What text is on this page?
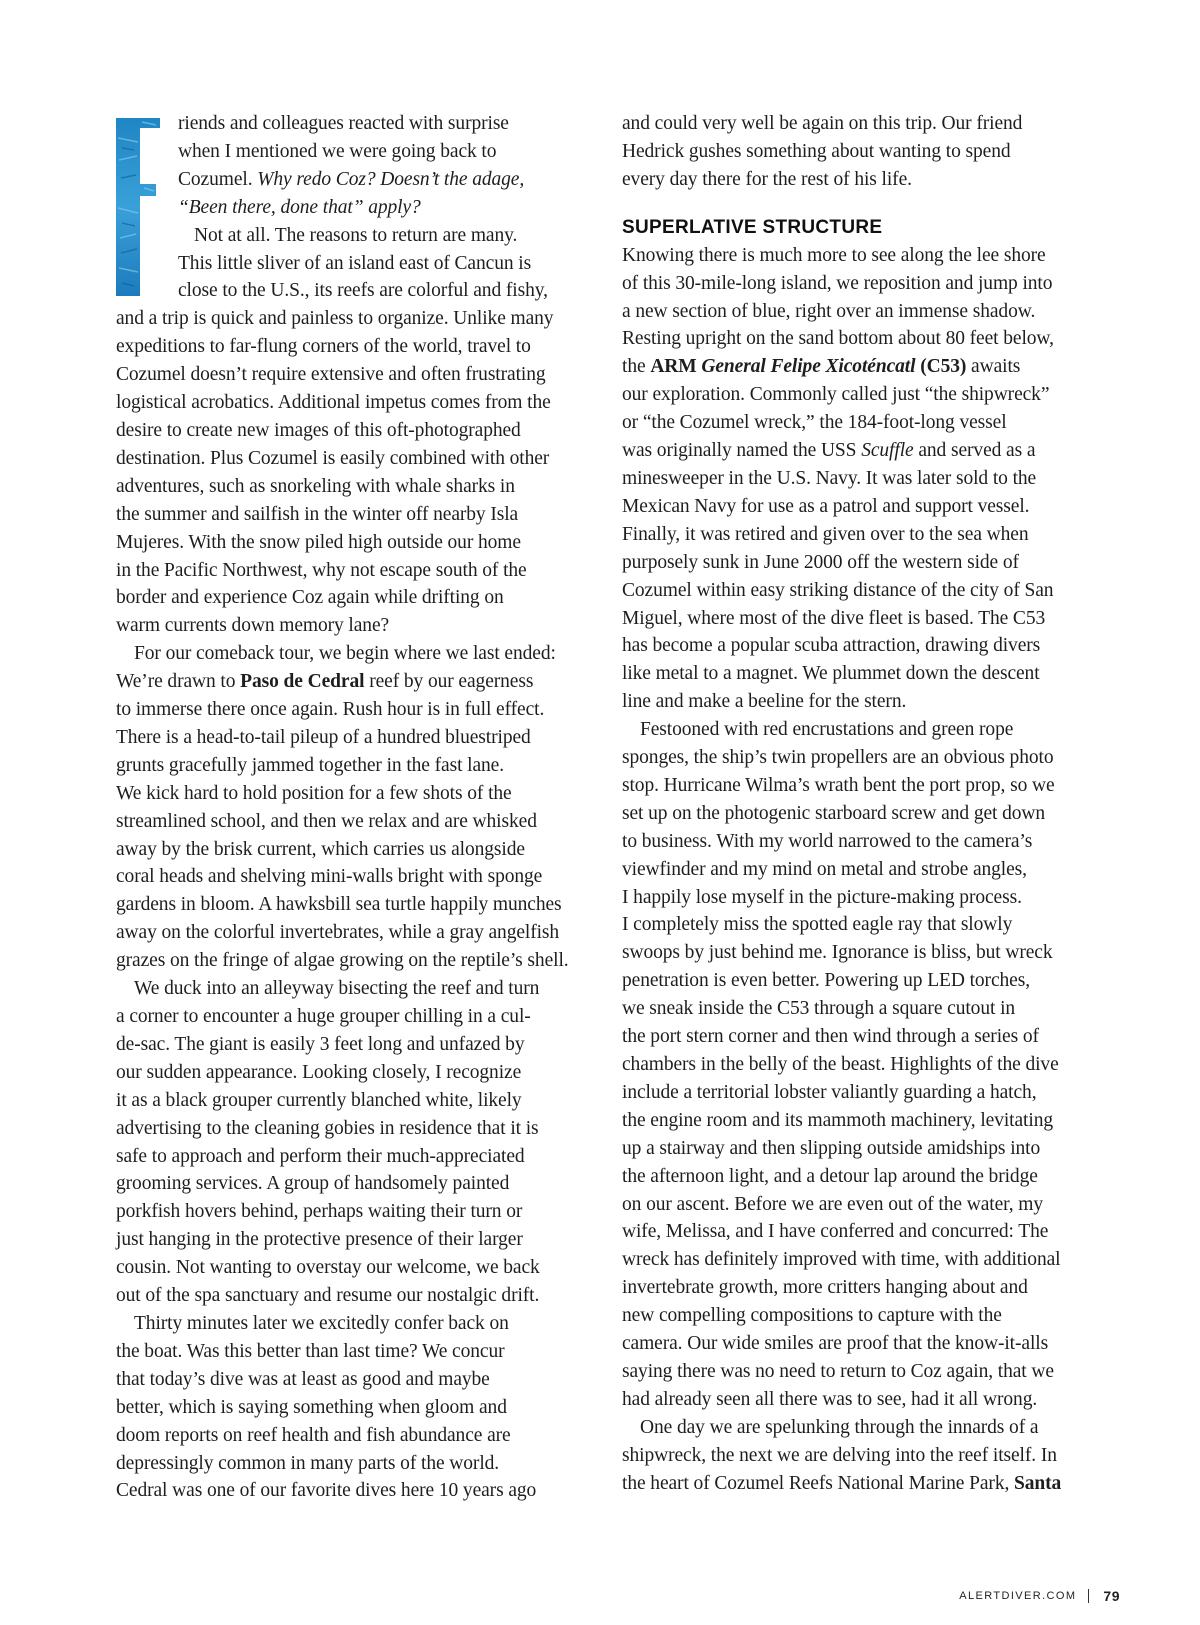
riends and colleagues reacted with surprise
when I mentioned we were going back to
Cozumel. Why redo Coz? Doesn’t the adage,
“Been there, done that” apply?

Not at all. The reasons to return are many.
This little sliver of an island east of Cancun is
close to the U.S., its reefs are colorful and fishy,
and a trip is quick and painless to organize. Unlike many
expeditions to far-flung corners of the world, travel to
Cozumel doesn’t require extensive and often frustrating
logistical acrobatics. Additional impetus comes from the
desire to create new images of this oft-photographed
destination. Plus Cozumel is easily combined with other
adventures, such as snorkeling with whale sharks in
the summer and sailfish in the winter off nearby Isla
Mujeres. With the snow piled high outside our home
in the Pacific Northwest, why not escape south of the
border and experience Coz again while drifting on
warm currents down memory lane?

For our comeback tour, we begin where we last ended:
We’re drawn to Paso de Cedral reef by our eagerness
to immerse there once again. Rush hour is in full effect.
There is a head-to-tail pileup of a hundred bluestriped
grunts gracefully jammed together in the fast lane.
We kick hard to hold position for a few shots of the
streamlined school, and then we relax and are whisked
away by the brisk current, which carries us alongside
coral heads and shelving mini-walls bright with sponge
gardens in bloom. A hawksbill sea turtle happily munches
away on the colorful invertebrates, while a gray angelfish
grazes on the fringe of algae growing on the reptile’s shell.

We duck into an alleyway bisecting the reef and turn
a corner to encounter a huge grouper chilling in a cul-
de-sac. The giant is easily 3 feet long and unfazed by
our sudden appearance. Looking closely, I recognize
it as a black grouper currently blanched white, likely
advertising to the cleaning gobies in residence that it is
safe to approach and perform their much-appreciated
grooming services. A group of handsomely painted
porkfish hovers behind, perhaps waiting their turn or
just hanging in the protective presence of their larger
cousin. Not wanting to overstay our welcome, we back
out of the spa sanctuary and resume our nostalgic drift.

Thirty minutes later we excitedly confer back on
the boat. Was this better than last time? We concur
that today’s dive was at least as good and maybe
better, which is saying something when gloom and
doom reports on reef health and fish abundance are
depressingly common in many parts of the world.
Cedral was one of our favorite dives here 10 years ago

and could very well be again on this trip. Our friend
Hedrick gushes something about wanting to spend
every day there for the rest of his life.

SUPERLATIVE STRUCTURE

Knowing there is much more to see along the lee shore
of this 30-mile-long island, we reposition and jump into
a new section of blue, right over an immense shadow.
Resting upright on the sand bottom about 80 feet below,
the ARM General Felipe Xicoténcatl (C53) awaits
our exploration. Commonly called just “the shipwreck”
or “the Cozumel wreck,” the 184-foot-long vessel
was originally named the USS Scuffle and served as a
minesweeper in the U.S. Navy. It was later sold to the
Mexican Navy for use as a patrol and support vessel.
Finally, it was retired and given over to the sea when
purposely sunk in June 2000 off the western side of
Cozumel within easy striking distance of the city of San
Miguel, where most of the dive fleet is based. The C53
has become a popular scuba attraction, drawing divers
like metal to a magnet. We plummet down the descent
line and make a beeline for the stern.

Festooned with red encrustations and green rope
sponges, the ship’s twin propellers are an obvious photo
stop. Hurricane Wilma’s wrath bent the port prop, so we
set up on the photogenic starboard screw and get down
to business. With my world narrowed to the camera’s
viewfinder and my mind on metal and strobe angles,
I happily lose myself in the picture-making process.
I completely miss the spotted eagle ray that slowly
swoops by just behind me. Ignorance is bliss, but wreck
penetration is even better. Powering up LED torches,
we sneak inside the C53 through a square cutout in
the port stern corner and then wind through a series of
chambers in the belly of the beast. Highlights of the dive
include a territorial lobster valiantly guarding a hatch,
the engine room and its mammoth machinery, levitating
up a stairway and then slipping outside amidships into
the afternoon light, and a detour lap around the bridge
on our ascent. Before we are even out of the water, my
wife, Melissa, and I have conferred and concurred: The
wreck has definitely improved with time, with additional
invertebrate growth, more critters hanging about and
new compelling compositions to capture with the
camera. Our wide smiles are proof that the know-it-alls
saying there was no need to return to Coz again, that we
had already seen all there was to see, had it all wrong.

One day we are spelunking through the innards of a
shipwreck, the next we are delving into the reef itself. In
the heart of Cozumel Reefs National Marine Park, Santa

ALERTDIVER.COM 79
